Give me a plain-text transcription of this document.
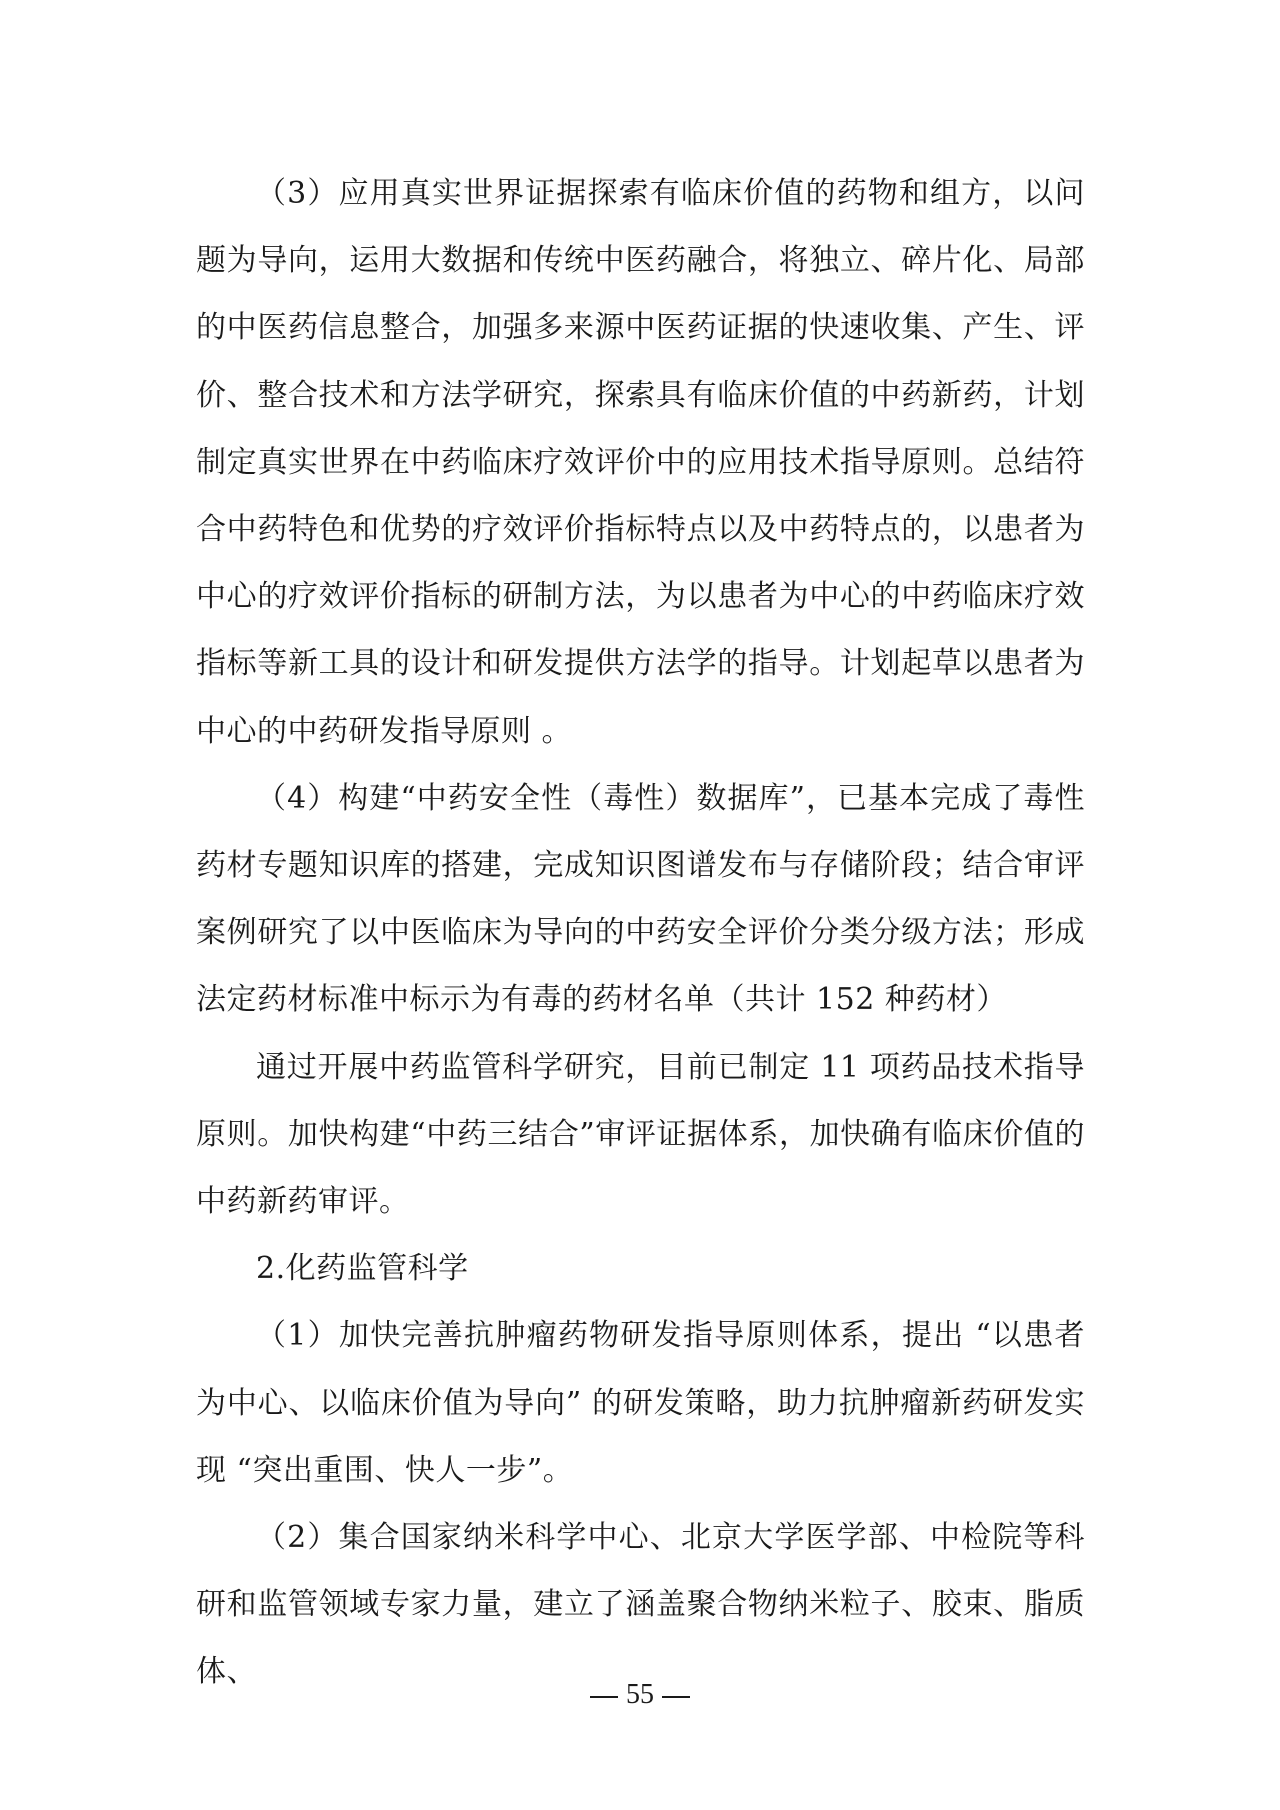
（3）应用真实世界证据探索有临床价值的药物和组方，以问题为导向，运用大数据和传统中医药融合，将独立、碎片化、局部的中医药信息整合，加强多来源中医药证据的快速收集、产生、评价、整合技术和方法学研究，探索具有临床价值的中药新药，计划制定真实世界在中药临床疗效评价中的应用技术指导原则。总结符合中药特色和优势的疗效评价指标特点以及中药特点的，以患者为中心的疗效评价指标的研制方法，为以患者为中心的中药临床疗效指标等新工具的设计和研发提供方法学的指导。计划起草以患者为中心的中药研发指导原则 。

（4）构建“中药安全性（毒性）数据库”，已基本完成了毒性药材专题知识库的搭建，完成知识图谱发布与存储阶段；结合审评案例研究了以中医临床为导向的中药安全评价分类分级方法；形成法定药材标准中标示为有毒的药材名单（共计 152 种药材）

通过开展中药监管科学研究，目前已制定 11 项药品技术指导原则。加快构建“中药三结合”审评证据体系，加快确有临床价值的中药新药审评。

2.化药监管科学

（1）加快完善抗肿瘤药物研发指导原则体系，提出 “以患者为中心、以临床价值为导向” 的研发策略，助力抗肿瘤新药研发实现 “突出重围、快人一步”。

（2）集合国家纳米科学中心、北京大学医学部、中检院等科研和监管领域专家力量，建立了涵盖聚合物纳米粒子、胶束、脂质体、

55
